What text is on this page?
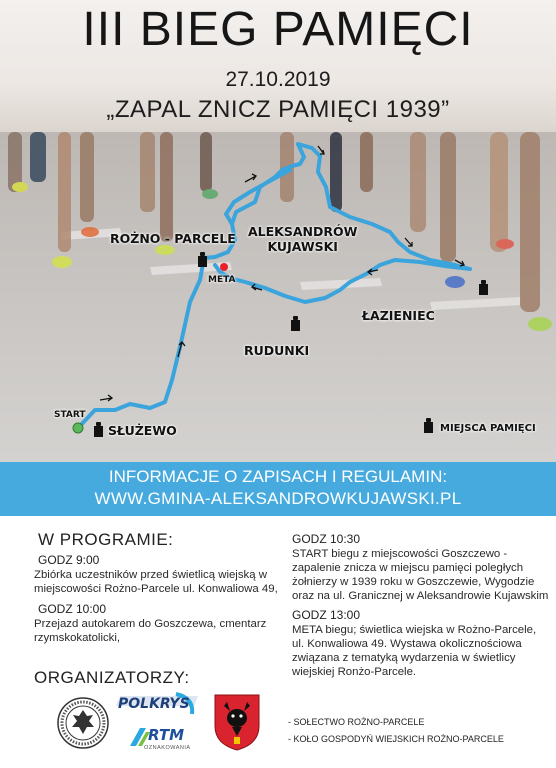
III BIEG PAMIĘCI
27.10.2019
„ZAPAL ZNICZ PAMIĘCI 1939”
ROŻNO - PARCELE ALEKSANDRÓW
KUJAWSKI
META
ŁAZIENIEC
RUDUNKI
START
SŁUŻEWO	MIEJSCA PAMIĘCI
INFORMACJE O ZAPISACH I REGULAMIN:
WWW.GMINA-ALEKSANDROWKUJAWSKI.PL
W PROGRAMIE:
GODZ 9:00
Zbiórka uczestników przed świetlicą wiejską w
miejscowości Rożno-Parcele ul. Konwaliowa 49,
GODZ 10:00
Przejazd autokarem do Goszczewa, cmentarz
rzymskokatolicki,
GODZ 10:30
START biegu z miejscowości Goszczewo -
zapalenie znicza w miejscu pamięci poległych
żołnierzy w 1939 roku w Goszczewie, Wygodzie
oraz na ul. Granicznej w Aleksandrowie Kujawskim
GODZ 13:00
META biegu; świetlica wiejska w Rożno-Parcele,
ul. Konwaliowa 49. Wystawa okolicznościowa
związana z tematyką wydarzenia w świetlicy
wiejskiej Ronżo-Parcele.
ORGANIZATORZY:
POLKRYS
RTM
OZNAKOWANIA
- SOŁECTWO ROŻNO-PARCELE
- KOŁO GOSPODYŃ WIEJSKICH ROŻNO-PARCELE
